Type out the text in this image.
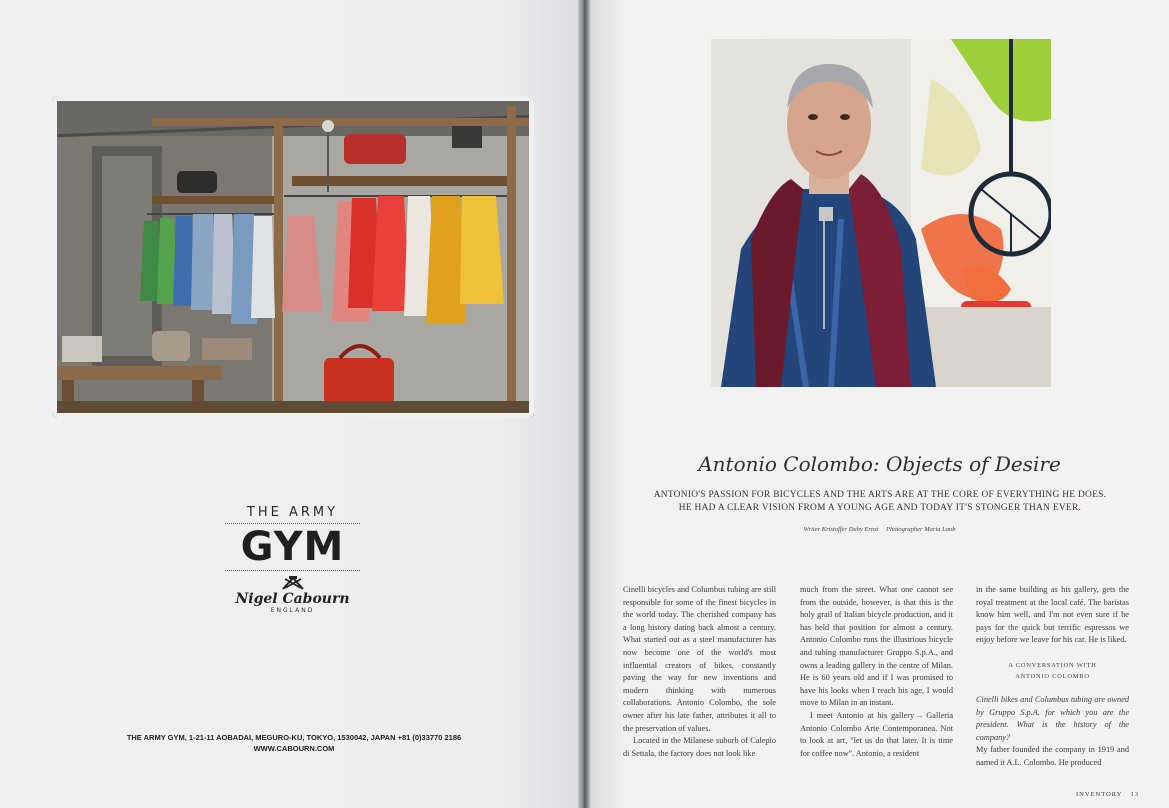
THE ARMY
GYM
Nigel Cabourn
ENGLAND
THE ARMY GYM, 1-21-11 AOBADAI, MEGURO-KU, TOKYO, 1530042, JAPAN +81 (0)33770 2186
WWW.CABOURN.COM
Antonio Colombo: Objects of Desire
ANTONIO'S PASSION FOR BICYCLES AND THE ARTS ARE AT THE CORE OF EVERYTHING HE DOES.
HE HAD A CLEAR VISION FROM A YOUNG AGE AND TODAY IT'S STONGER THAN EVER.
Writer Kristoffer Duby Ernst Photographer Maria Laub

Cinelli bicycles and Columbus tubing are still responsible for some of the finest bicycles in the world today. The cherished company has a long history dating back almost a century. What started out as a steel manufacturer has now become one of the world's most influential creators of bikes, constantly paving the way for new inventions and modern thinking with numerous collaborations. Antonio Colombo, the sole owner after his late father, attributes it all to the preservation of values.

Located in the Milanese suburb of Calepio di Settala, the factory does not look like

much from the street. What one cannot see from the outside, however, is that this is the holy grail of Italian bicycle production, and it has held that position for almost a century. Antonio Colombo runs the illustrious bicycle and tubing manufacturer Gruppo S.p.A., and owns a leading gallery in the centre of Milan. He is 60 years old and if I was promised to have his looks when I reach his age, I would move to Milan in an instant.

I meet Antonio at his gallery – Galleria Antonio Colombo Arte Contemporanea. Not to look at art, "let us do that later. It is time for coffee now". Antonio, a resident

in the same building as his gallery, gets the royal treatment at the local café. The baristas know him well, and I'm not even sure if he pays for the quick but terrific espressos we enjoy before we leave for his car. He is liked.

A CONVERSATION WITH
ANTONIO COLOMBO

Cinelli bikes and Columbus tubing are owned by Gruppo S.p.A. for which you are the president. What is the history of the company?

My father founded the company in 1919 and named it A.L. Colombo. He produced

INVENTORY 13
